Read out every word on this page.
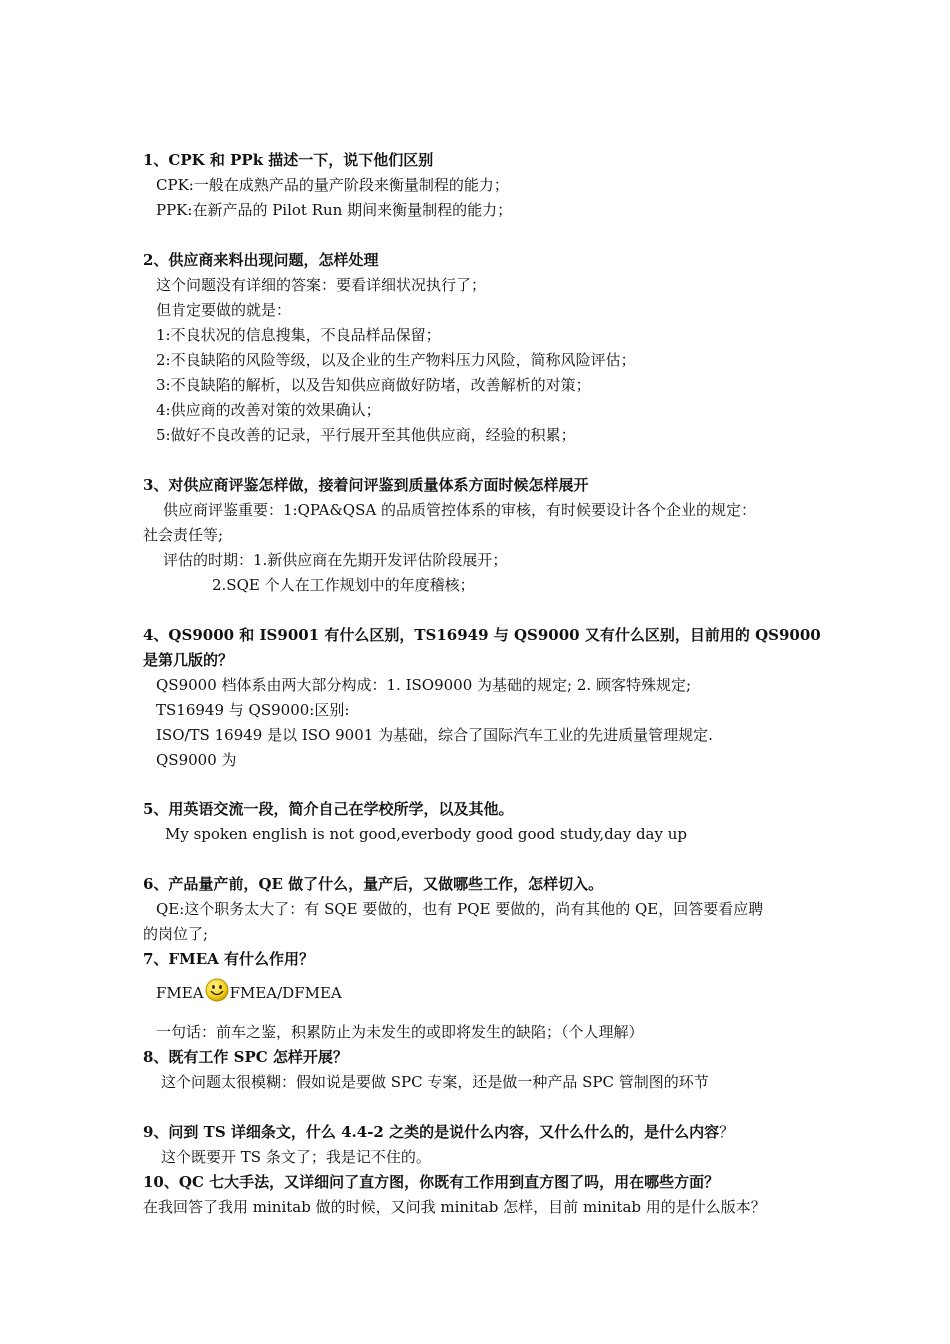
1、CPK 和 PPk 描述一下，说下他们区别
CPK:一般在成熟产品的量产阶段来衡量制程的能力；
PPK:在新产品的 Pilot Run 期间来衡量制程的能力；
2、供应商来料出现问题，怎样处理
这个问题没有详细的答案：要看详细状况执行了；
但肯定要做的就是：
1:不良状况的信息搜集，不良品样品保留；
2:不良缺陷的风险等级，以及企业的生产物料压力风险，简称风险评估；
3:不良缺陷的解析，以及告知供应商做好防堵，改善解析的对策；
4:供应商的改善对策的效果确认；
5:做好不良改善的记录，平行展开至其他供应商，经验的积累；
3、对供应商评鉴怎样做，接着问评鉴到质量体系方面时候怎样展开
供应商评鉴重要：1:QPA&QSA 的品质管控体系的审核，有时候要设计各个企业的规定：
社会责任等;
评估的时期：1.新供应商在先期开发评估阶段展开；
2.SQE 个人在工作规划中的年度稽核；
4、QS9000 和 IS9001 有什么区别，TS16949 与 QS9000 又有什么区别，目前用的 QS9000
是第几版的？
QS9000 档体系由两大部分构成：1. ISO9000 为基础的规定; 2. 顾客特殊规定;
TS16949 与 QS9000:区别:
ISO/TS 16949 是以 ISO 9001 为基础，综合了国际汽车工业的先进质量管理规定.
QS9000 为
5、用英语交流一段，简介自己在学校所学，以及其他。
My spoken english is not good,everbody good good study,day day up
6、产品量产前，QE 做了什么，量产后，又做哪些工作，怎样切入。
QE:这个职务太大了：有 SQE 要做的，也有 PQE 要做的，尚有其他的 QE，回答要看应聘
的岗位了;
7、FMEA 有什么作用？
FMEA FMEA/DFMEA
一句话：前车之鉴，积累防止为未发生的或即将发生的缺陷；（个人理解）
8、既有工作 SPC 怎样开展？
这个问题太很模糊：假如说是要做 SPC 专案，还是做一种产品 SPC 管制图的环节
9、问到 TS 详细条文，什么 4.4-2 之类的是说什么内容，又什么什么的，是什么内容？
这个既要开 TS 条文了；我是记不住的。
10、QC 七大手法，又详细问了直方图，你既有工作用到直方图了吗，用在哪些方面？
在我回答了我用 minitab 做的时候，又问我 minitab 怎样，目前 minitab 用的是什么版本？
